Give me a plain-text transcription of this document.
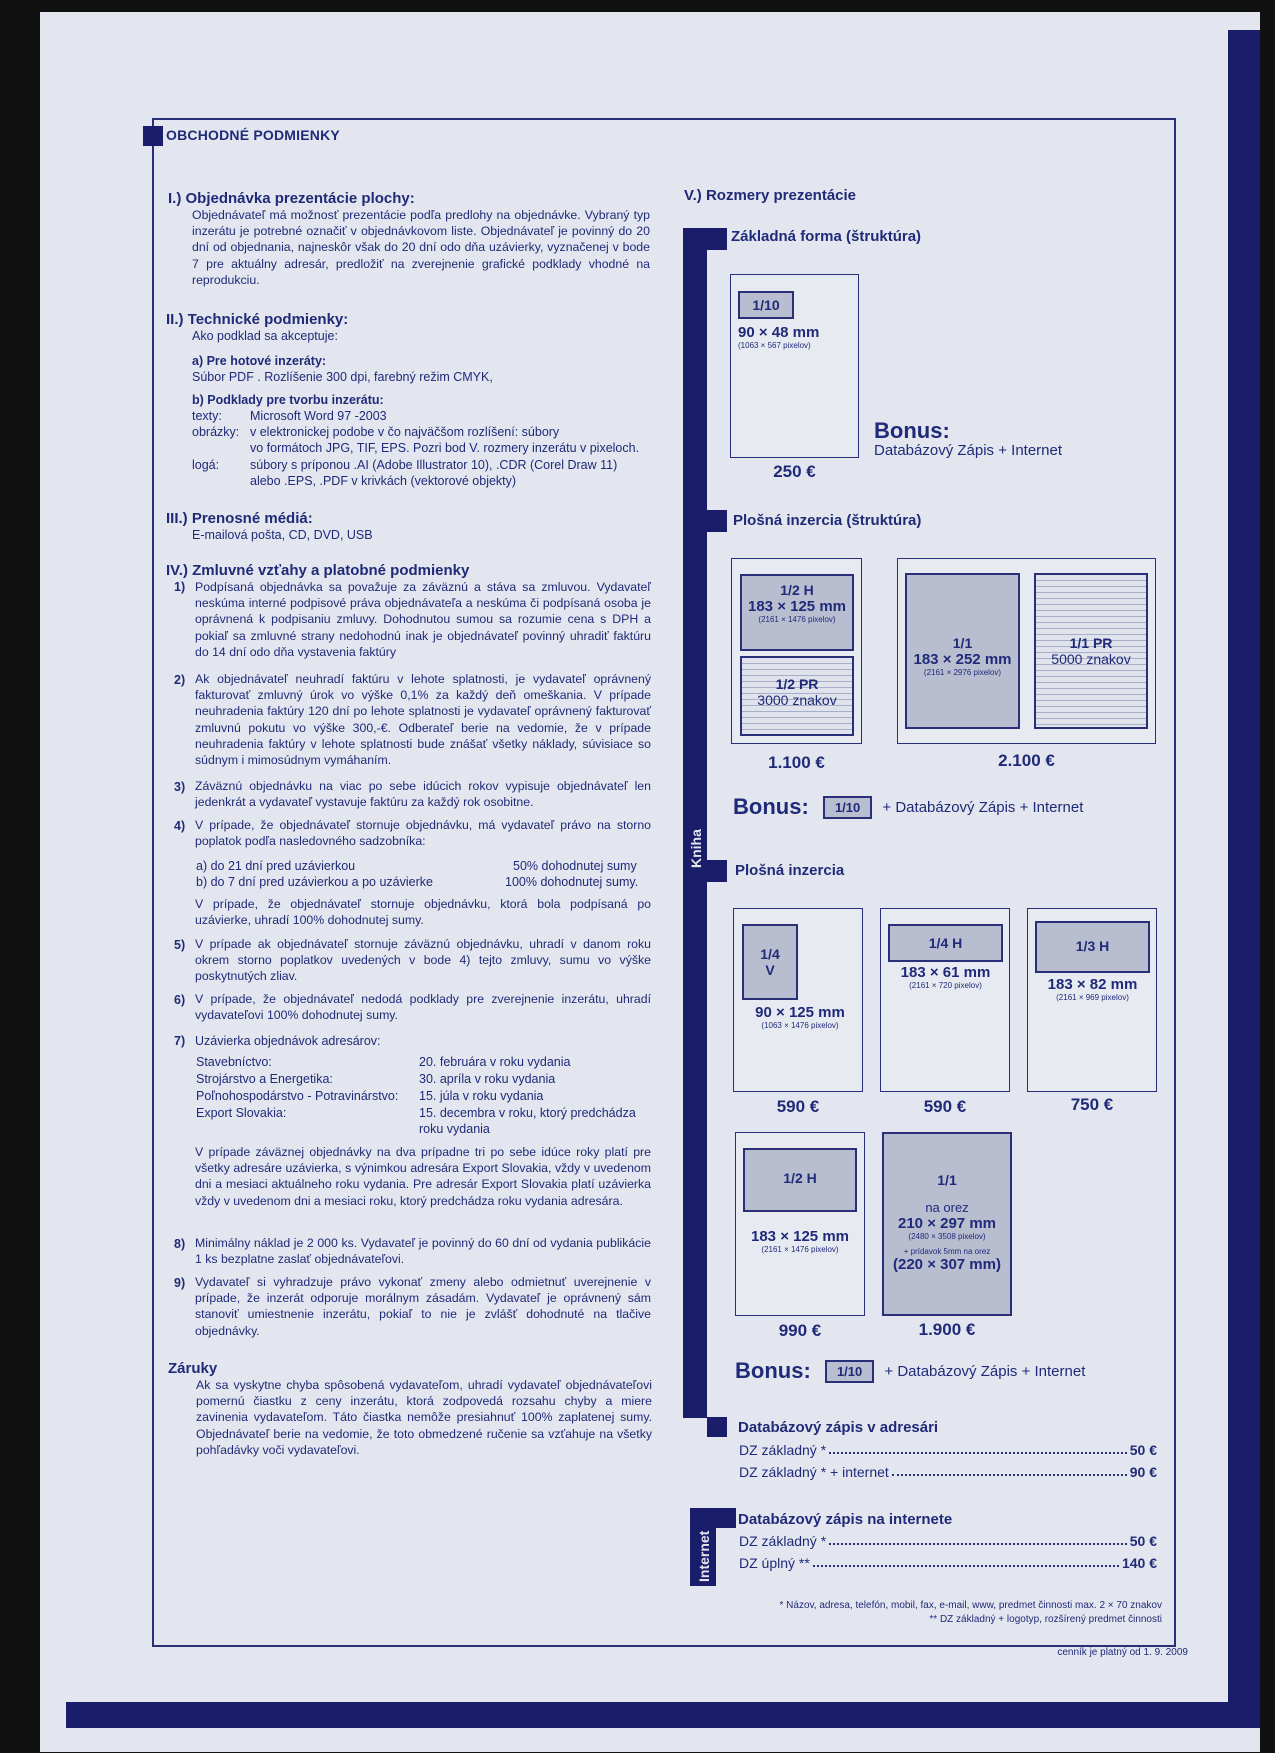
OBCHODNÉ PODMIENKY
I.) Objednávka prezentácie plochy:
Objednávateľ má možnosť prezentácie podľa predlohy na objednávke. Vybraný typ inzerátu je potrebné označiť v objednávkovom liste. Objednávateľ je povinný do 20 dní od objednania, najneskôr však do 20 dní odo dňa uzávierky, vyznačenej v bode 7 pre aktuálny adresár, predložiť na zverejnenie grafické podklady vhodné na reprodukciu.
II.) Technické podmienky:
Ako podklad sa akceptuje:
a) Pre hotové inzeráty:
Súbor PDF . Rozlíšenie 300 dpi, farebný režim CMYK,
b) Podklady pre tvorbu inzerátu:
texty: Microsoft Word 97 -2003
obrázky: v elektronickej podobe v čo najväčšom rozlíšení: súbory
vo formátoch JPG, TIF, EPS. Pozri bod V. rozmery inzerátu v pixeloch.
logá: súbory s príponou .AI (Adobe Illustrator 10), .CDR (Corel Draw 11)
alebo .EPS, .PDF v krivkách (vektorové objekty)
III.) Prenosné médiá:
E-mailová pošta, CD, DVD, USB
IV.) Zmluvné vzťahy a platobné podmienky
1) Podpísaná objednávka sa považuje za záväznú a stáva sa zmluvou. Vydavateľ neskúma interné podpisové práva objednávateľa a neskúma či podpísaná osoba je oprávnená k podpisaniu zmluvy. Dohodnutou sumou sa rozumie cena s DPH a pokiaľ sa zmluvné strany nedohodnú inak je objednávateľ povinný uhradiť faktúru do 14 dní odo dňa vystavenia faktúry
2) Ak objednávateľ neuhradí faktúru v lehote splatnosti, je vydavateľ oprávnený fakturovať zmluvný úrok vo výške 0,1% za každý deň omeškania. V prípade neuhradenia faktúry 120 dní po lehote splatnosti je vydavateľ oprávnený fakturovať zmluvnú pokutu vo výške 300,-€. Odberateľ berie na vedomie, že v prípade neuhradenia faktúry v lehote splatnosti bude znášať všetky náklady, súvisiace so súdnym i mimosúdnym vymáhaním.
3) Záväznú objednávku na viac po sebe idúcich rokov vypisuje objednávateľ len jedenkrát a vydavateľ vystavuje faktúru za každý rok osobitne.
4) V prípade, že objednávateľ stornuje objednávku, má vydavateľ právo na storno poplatok podľa nasledovného sadzobníka:
a) do 21 dní pred uzávierkou	50% dohodnutej sumy
b) do 7 dní pred uzávierkou a po uzávierke	100% dohodnutej sumy.
V prípade, že objednávateľ stornuje objednávku, ktorá bola podpísaná po uzávierke, uhradí 100% dohodnutej sumy.
5) V prípade ak objednávateľ stornuje záväznú objednávku, uhradí v danom roku okrem storno poplatkov uvedených v bode 4) tejto zmluvy, sumu vo výške poskytnutých zliav.
6) V prípade, že objednávateľ nedodá podklady pre zverejnenie inzerátu, uhradí vydavateľovi 100% dohodnutej sumy.
7) Uzávierka objednávok adresárov:
Stavebníctvo:	20. februára v roku vydania
Strojárstvo a Energetika:	30. apríla v roku vydania
Poľnohospodárstvo - Potravinárstvo: 15. júla v roku vydania
Export Slovakia:	15. decembra v roku, ktorý predchádza
roku vydania
V prípade záväznej objednávky na dva prípadne tri po sebe idúce roky platí pre všetky adresáre uzávierka, s výnimkou adresára Export Slovakia, vždy v uvedenom dni a mesiaci aktuálneho roku vydania. Pre adresár Export Slovakia platí uzávierka vždy v uvedenom dni a mesiaci roku, ktorý predchádza roku vydania adresára.
8) Minimálny náklad je 2 000 ks. Vydavateľ je povinný do 60 dní od vydania publikácie 1 ks bezplatne zaslať objednávateľovi.
9) Vydavateľ si vyhradzuje právo vykonať zmeny alebo odmietnuť uverejnenie v prípade, že inzerát odporuje morálnym zásadám. Vydavateľ je oprávnený sám stanoviť umiestnenie inzerátu, pokiaľ to nie je zvlášť dohodnuté na tlačive objednávky.
Záruky
Ak sa vyskytne chyba spôsobená vydavateľom, uhradí vydavateľ objednávateľovi pomernú čiastku z ceny inzerátu, ktorá zodpovedá rozsahu chyby a miere zavinenia vydavateľom. Táto čiastka nemôže presiahnuť 100% zaplatenej sumy. Objednávateľ berie na vedomie, že toto obmedzené ručenie sa vzťahuje na všetky pohľadávky voči vydavateľovi.
V.) Rozmery prezentácie
Kniha
Internet
Základná forma (štruktúra)
1/10
90 × 48 mm
(1063 × 567 pixelov)
250 €
Bonus:
Databázový Zápis + Internet
Plošná inzercia (štruktúra)
1/2 H
183 × 125 mm
(2161 × 1476 pixelov)
1/2 PR
3000 znakov
1/1
183 × 252 mm
(2161 × 2976 pixelov)
1/1 PR
5000 znakov
1.100 €	2.100 €
Bonus: 1/10 + Databázový Zápis + Internet
Plošná inzercia
1/4
V
90 × 125 mm
(1063 × 1476 pixelov)
1/4 H
183 × 61 mm
(2161 × 720 pixelov)
1/3 H
183 × 82 mm
(2161 × 969 pixelov)
590 €	590 €	750 €
1/2 H
183 × 125 mm
(2161 × 1476 pixelov)
1/1
na orez
210 × 297 mm
(2480 × 3508 pixelov)
+ prídavok 5mm na orez
(220 × 307 mm)
990 €	1.900 €
Bonus: 1/10 + Databázový Zápis + Internet
Databázový zápis v adresári
DZ základný *	50 €
DZ základný * + internet	90 €
Databázový zápis na internete
DZ základný *	50 €
DZ úplný **	140 €
* Názov, adresa, telefón, mobil, fax, e-mail, www, predmet činnosti max. 2 × 70 znakov
** DZ základný + logotyp, rozšírený predmet činnosti
cenník je platný od 1. 9. 2009
